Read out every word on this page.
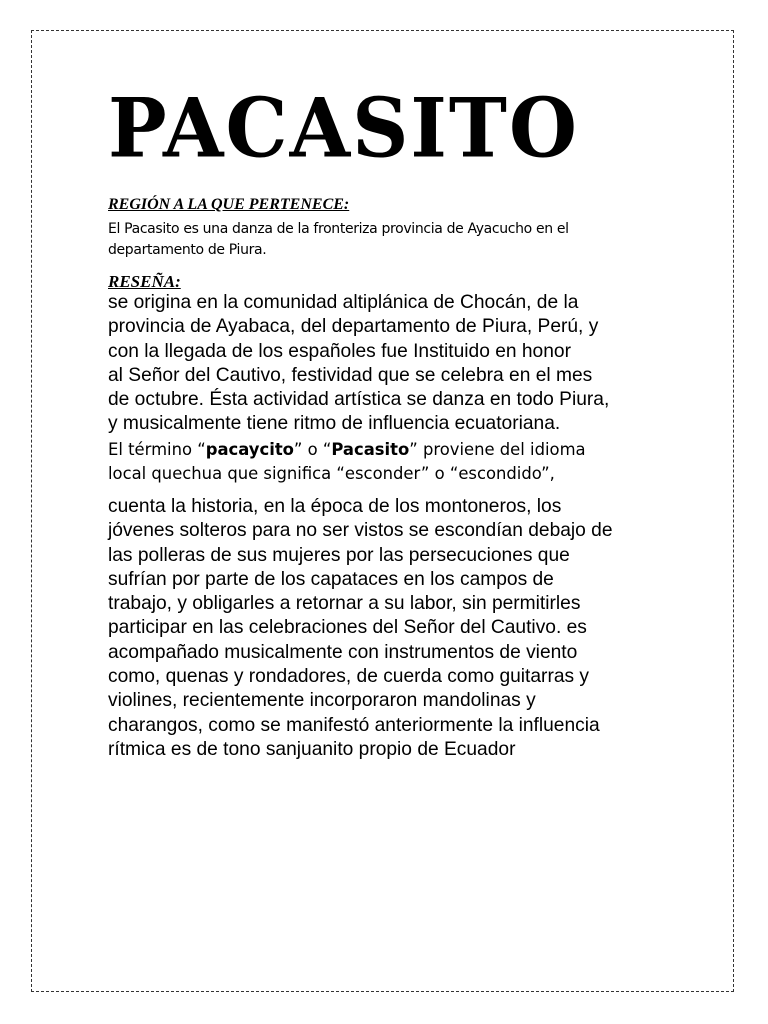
PACASITO
REGIÓN A LA QUE PERTENECE:

El Pacasito es una danza de la fronteriza provincia de Ayacucho en el
departamento de Piura.

RESEÑA:

se origina en la comunidad altiplánica de Chocán, de la
provincia de Ayabaca, del departamento de Piura, Perú, y
con la llegada de los españoles fue Instituido en honor
al Señor del Cautivo, festividad que se celebra en el mes
de octubre. Ésta actividad artística se danza en todo Piura,
y musicalmente tiene ritmo de influencia ecuatoriana.

El término “pacaycito” o “Pacasito” proviene del idioma
local quechua que significa “esconder” o “escondido”,

cuenta la historia, en la época de los montoneros, los
jóvenes solteros para no ser vistos se escondían debajo de
las polleras de sus mujeres por las persecuciones que
sufrían por parte de los capataces en los campos de
trabajo, y obligarles a retornar a su labor, sin permitirles
participar en las celebraciones del Señor del Cautivo. es
acompañado musicalmente con instrumentos de viento
como, quenas y rondadores, de cuerda como guitarras y
violines, recientemente incorporaron mandolinas y
charangos, como se manifestó anteriormente la influencia
rítmica es de tono sanjuanito propio de Ecuador
